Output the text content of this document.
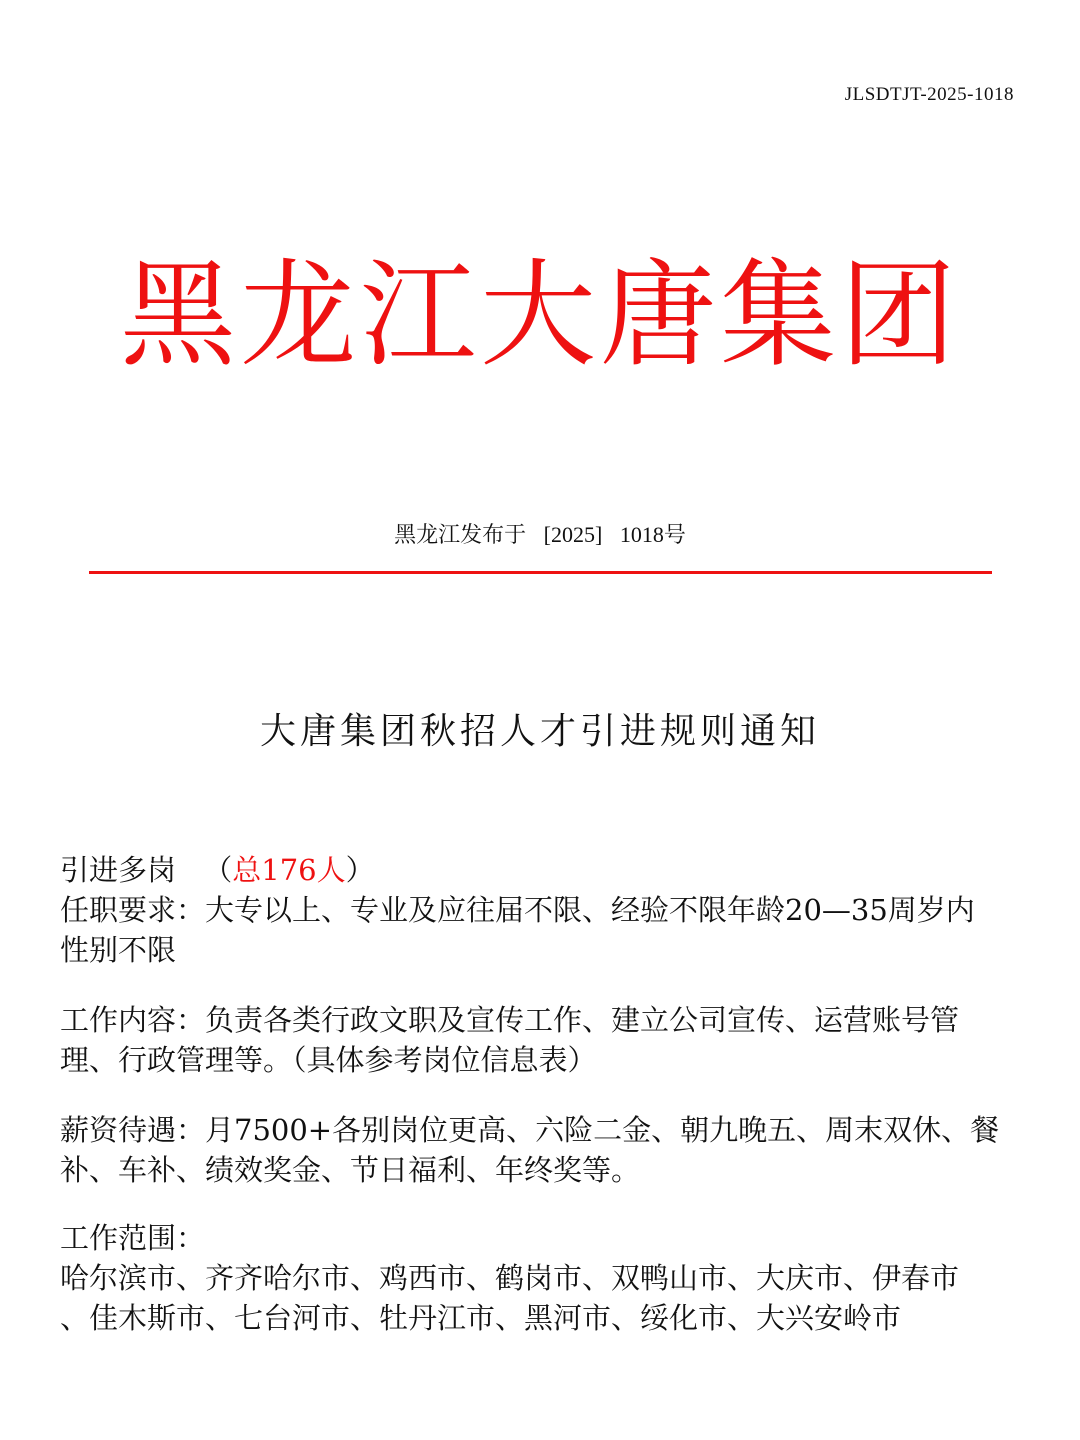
JLSDTJT-2025-1018
黑龙江大唐集团
黑龙江发布于 [2025] 1018号
大唐集团秋招人才引进规则通知
引进多岗 （总176人）
任职要求：大专以上、专业及应往届不限、经验不限年龄20—35周岁内
性别不限
工作内容：负责各类行政文职及宣传工作、建立公司宣传、运营账号管
理、行政管理等。（具体参考岗位信息表）
薪资待遇：月7500+各别岗位更高、六险二金、朝九晚五、周末双休、餐
补、车补、绩效奖金、节日福利、年终奖等。
工作范围：
哈尔滨市、齐齐哈尔市、鸡西市、鹤岗市、双鸭山市、大庆市、伊春市
、佳木斯市、七台河市、牡丹江市、黑河市、绥化市、大兴安岭市
